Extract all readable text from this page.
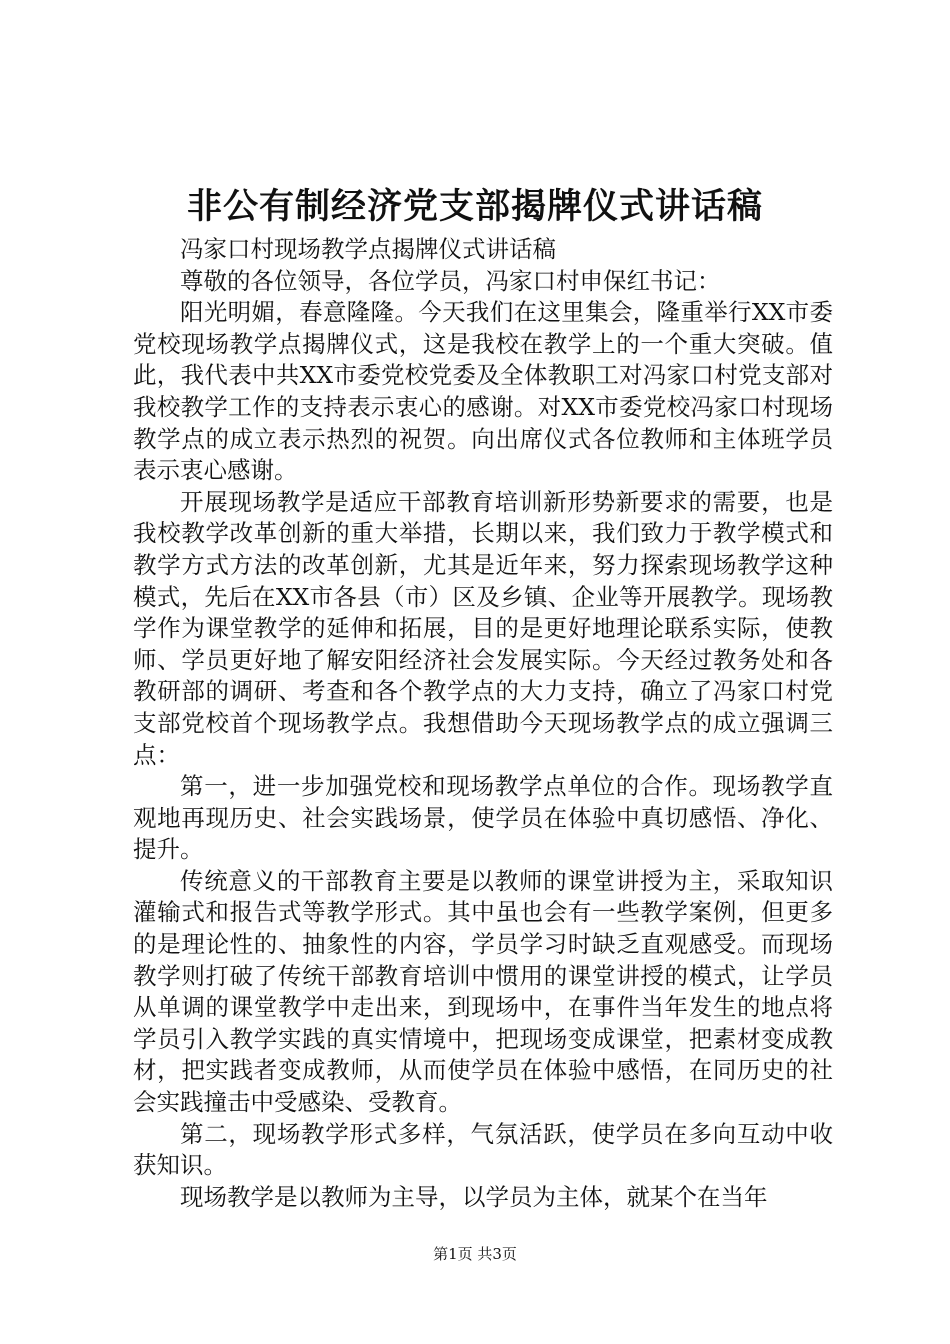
非公有制经济党支部揭牌仪式讲话稿

冯家口村现场教学点揭牌仪式讲话稿

尊敬的各位领导，各位学员，冯家口村申保红书记：

阳光明媚，春意隆隆。今天我们在这里集会，隆重举行XX市委党校现场教学点揭牌仪式，这是我校在教学上的一个重大突破。值此，我代表中共XX市委党校党委及全体教职工对冯家口村党支部对我校教学工作的支持表示衷心的感谢。对XX市委党校冯家口村现场教学点的成立表示热烈的祝贺。向出席仪式各位教师和主体班学员表示衷心感谢。

开展现场教学是适应干部教育培训新形势新要求的需要，也是我校教学改革创新的重大举措，长期以来，我们致力于教学模式和教学方式方法的改革创新，尤其是近年来，努力探索现场教学这种模式，先后在XX市各县（市）区及乡镇、企业等开展教学。现场教学作为课堂教学的延伸和拓展，目的是更好地理论联系实际，使教师、学员更好地了解安阳经济社会发展实际。今天经过教务处和各教研部的调研、考查和各个教学点的大力支持，确立了冯家口村党支部党校首个现场教学点。我想借助今天现场教学点的成立强调三点：

第一，进一步加强党校和现场教学点单位的合作。现场教学直观地再现历史、社会实践场景，使学员在体验中真切感悟、净化、提升。

传统意义的干部教育主要是以教师的课堂讲授为主，采取知识灌输式和报告式等教学形式。其中虽也会有一些教学案例，但更多的是理论性的、抽象性的内容，学员学习时缺乏直观感受。而现场教学则打破了传统干部教育培训中惯用的课堂讲授的模式，让学员从单调的课堂教学中走出来，到现场中，在事件当年发生的地点将学员引入教学实践的真实情境中，把现场变成课堂，把素材变成教材，把实践者变成教师，从而使学员在体验中感悟，在同历史的社会实践撞击中受感染、受教育。

第二，现场教学形式多样，气氛活跃，使学员在多向互动中收获知识。

现场教学是以教师为主导，以学员为主体，就某个在当年

第1页 共3页
